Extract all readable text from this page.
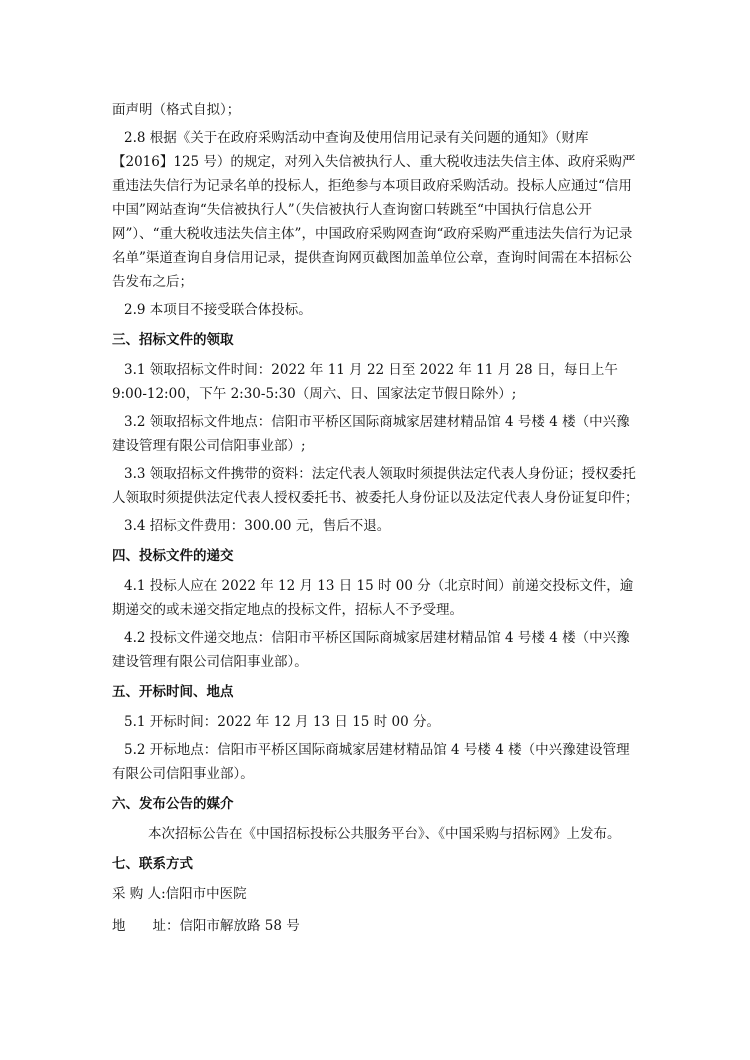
面声明（格式自拟）；

2.8 根据《关于在政府采购活动中查询及使用信用记录有关问题的通知》（财库【2016】125 号）的规定，对列入失信被执行人、重大税收违法失信主体、政府采购严重违法失信行为记录名单的投标人，拒绝参与本项目政府采购活动。投标人应通过“信用中国”网站查询“失信被执行人”（失信被执行人查询窗口转跳至“中国执行信息公开网”）、“重大税收违法失信主体”，中国政府采购网查询“政府采购严重违法失信行为记录名单”渠道查询自身信用记录，提供查询网页截图加盖单位公章，查询时间需在本招标公告发布之后；

2.9 本项目不接受联合体投标。

三、招标文件的领取

3.1 领取招标文件时间：2022 年 11 月 22 日至 2022 年 11 月 28 日，每日上午 9:00-12:00，下午 2:30-5:30（周六、日、国家法定节假日除外）;

3.2 领取招标文件地点：信阳市平桥区国际商城家居建材精品馆 4 号楼 4 楼（中兴豫建设管理有限公司信阳事业部）;

3.3 领取招标文件携带的资料：法定代表人领取时须提供法定代表人身份证；授权委托人领取时须提供法定代表人授权委托书、被委托人身份证以及法定代表人身份证复印件；

3.4 招标文件费用：300.00 元，售后不退。

四、投标文件的递交

4.1 投标人应在 2022 年 12 月 13 日 15 时 00 分（北京时间）前递交投标文件，逾期递交的或未递交指定地点的投标文件，招标人不予受理。

4.2 投标文件递交地点：信阳市平桥区国际商城家居建材精品馆 4 号楼 4 楼（中兴豫建设管理有限公司信阳事业部）。

五、开标时间、地点

5.1 开标时间：2022 年 12 月 13 日 15 时 00 分。

5.2 开标地点：信阳市平桥区国际商城家居建材精品馆 4 号楼 4 楼（中兴豫建设管理有限公司信阳事业部）。

六、发布公告的媒介

本次招标公告在《中国招标投标公共服务平台》、《中国采购与招标网》上发布。

七、联系方式

采 购 人:信阳市中医院

地　　址：信阳市解放路 58 号
